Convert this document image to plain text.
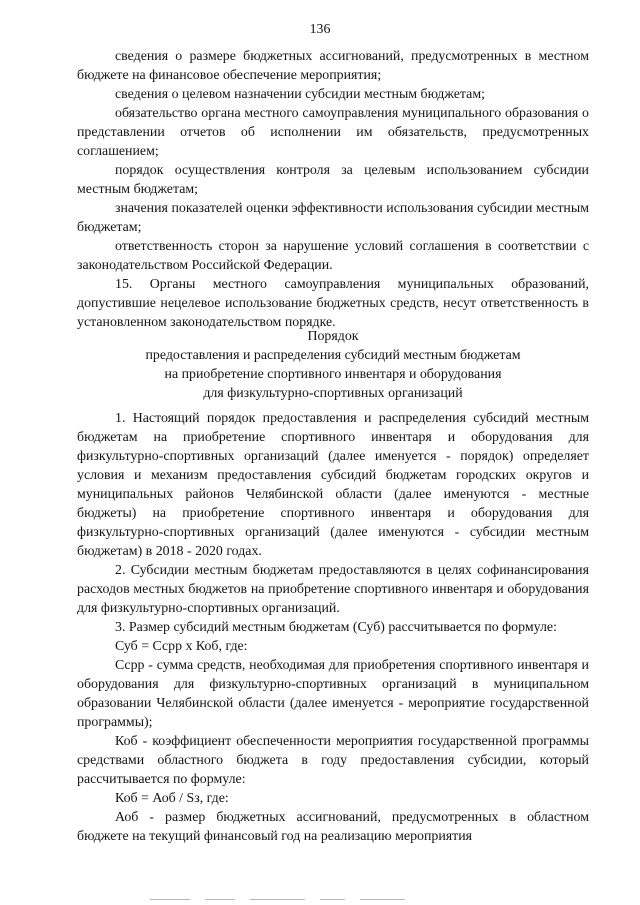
136

сведения о размере бюджетных ассигнований, предусмотренных в местном бюджете на финансовое обеспечение мероприятия;

сведения о целевом назначении субсидии местным бюджетам;

обязательство органа местного самоуправления муниципального образования о представлении отчетов об исполнении им обязательств, предусмотренных соглашением;

порядок осуществления контроля за целевым использованием субсидии местным бюджетам;

значения показателей оценки эффективности использования субсидии местным бюджетам;

ответственность сторон за нарушение условий соглашения в соответствии с законодательством Российской Федерации.

15. Органы местного самоуправления муниципальных образований, допустившие нецелевое использование бюджетных средств, несут ответственность в установленном законодательством порядке.

Порядок
предоставления и распределения субсидий местным бюджетам
на приобретение спортивного инвентаря и оборудования
для физкультурно-спортивных организаций

1. Настоящий порядок предоставления и распределения субсидий местным бюджетам на приобретение спортивного инвентаря и оборудования для физкультурно-спортивных организаций (далее именуется - порядок) определяет условия и механизм предоставления субсидий бюджетам городских округов и муниципальных районов Челябинской области (далее именуются - местные бюджеты) на приобретение спортивного инвентаря и оборудования для физкультурно-спортивных организаций (далее именуются - субсидии местным бюджетам) в 2018 - 2020 годах.

2. Субсидии местным бюджетам предоставляются в целях софинансирования расходов местных бюджетов на приобретение спортивного инвентаря и оборудования для физкультурно-спортивных организаций.

3. Размер субсидий местным бюджетам (Суб) рассчитывается по формуле:

Суб = Ссрр x Коб, где:

Ссрр - сумма средств, необходимая для приобретения спортивного инвентаря и оборудования для физкультурно-спортивных организаций в муниципальном образовании Челябинской области (далее именуется - мероприятие государственной программы);

Коб - коэффициент обеспеченности мероприятия государственной программы средствами областного бюджета в году предоставления субсидии, который рассчитывается по формуле:

Коб = Аоб / Sз, где:

Аоб - размер бюджетных ассигнований, предусмотренных в областном бюджете на текущий финансовый год на реализацию мероприятия
